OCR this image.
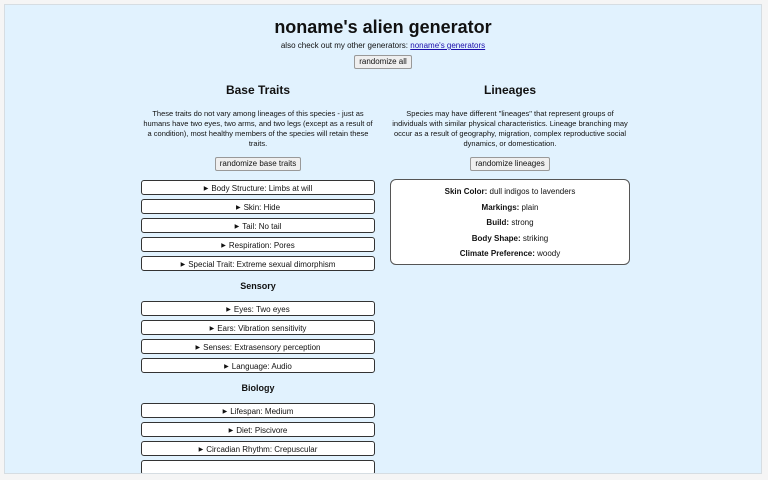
noname's alien generator
also check out my other generators: noname's generators
randomize all
Base Traits
These traits do not vary among lineages of this species - just as humans have two eyes, two arms, and two legs (except as a result of a condition), most healthy members of the species will retain these traits.
randomize base traits
▶ Body Structure: Limbs at will
▶ Skin: Hide
▶ Tail: No tail
▶ Respiration: Pores
▶ Special Trait: Extreme sexual dimorphism
Sensory
▶ Eyes: Two eyes
▶ Ears: Vibration sensitivity
▶ Senses: Extrasensory perception
▶ Language: Audio
Biology
▶ Lifespan: Medium
▶ Diet: Piscivore
▶ Circadian Rhythm: Crepuscular
Lineages
Species may have different "lineages" that represent groups of individuals with similar physical characteristics. Lineage branching may occur as a result of geography, migration, complex reproductive social dynamics, or domestication.
randomize lineages
Skin Color: dull indigos to lavenders
Markings: plain
Build: strong
Body Shape: striking
Climate Preference: woody
